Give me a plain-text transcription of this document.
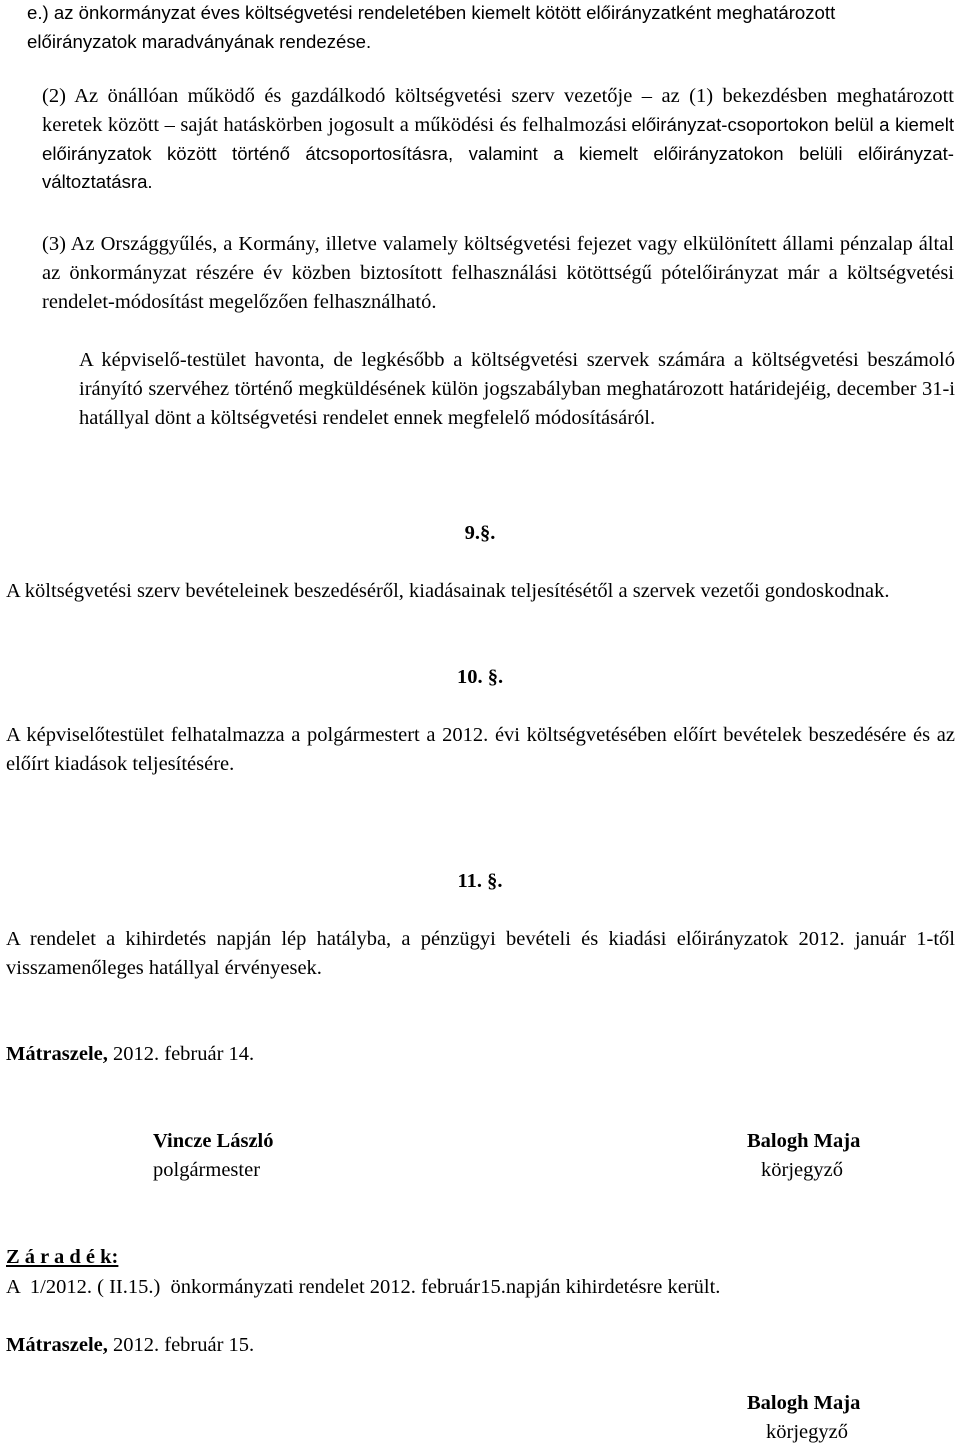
e.) az önkormányzat éves költségvetési rendeletében kiemelt kötött előirányzatként meghatározott előirányzatok maradványának rendezése.

(2) Az önállóan működő és gazdálkodó költségvetési szerv vezetője – az (1) bekezdésben meghatározott keretek között – saját hatáskörben jogosult a működési és felhalmozási előirányzat-csoportokon belül a kiemelt előirányzatok között történő átcsoportosításra, valamint a kiemelt előirányzatokon belüli előirányzat-változtatásra.

(3) Az Országgyűlés, a Kormány, illetve valamely költségvetési fejezet vagy elkülönített állami pénzalap által az önkormányzat részére év közben biztosított felhasználási kötöttségű pótelőirányzat már a költségvetési rendelet-módosítást megelőzően felhasználható.

A képviselő-testület havonta, de legkésőbb a költségvetési szervek számára a költségvetési beszámoló irányító szervéhez történő megküldésének külön jogszabályban meghatározott határidejéig, december 31-i hatállyal dönt a költségvetési rendelet ennek megfelelő módosításáról.

9.§.

A költségvetési szerv bevételeinek beszedéséről, kiadásainak teljesítésétől a szervek vezetői gondoskodnak.

10. §.

A képviselőtestület felhatalmazza a polgármestert a 2012. évi költségvetésében előírt bevételek beszedésére és az előírt kiadások teljesítésére.

11. §.

A rendelet a kihirdetés napján lép hatályba, a pénzügyi bevételi és kiadási előirányzatok 2012. január 1-től visszamenőleges hatállyal érvényesek.

Mátraszele, 2012. február 14.

Vincze László
polgármester
Balogh Maja
körjegyző

Z á r a d é k:

A  1/2012. ( II.15.)  önkormányzati rendelet 2012. február15.napján kihirdetésre került.

Mátraszele, 2012. február 15.

Balogh Maja
körjegyző
